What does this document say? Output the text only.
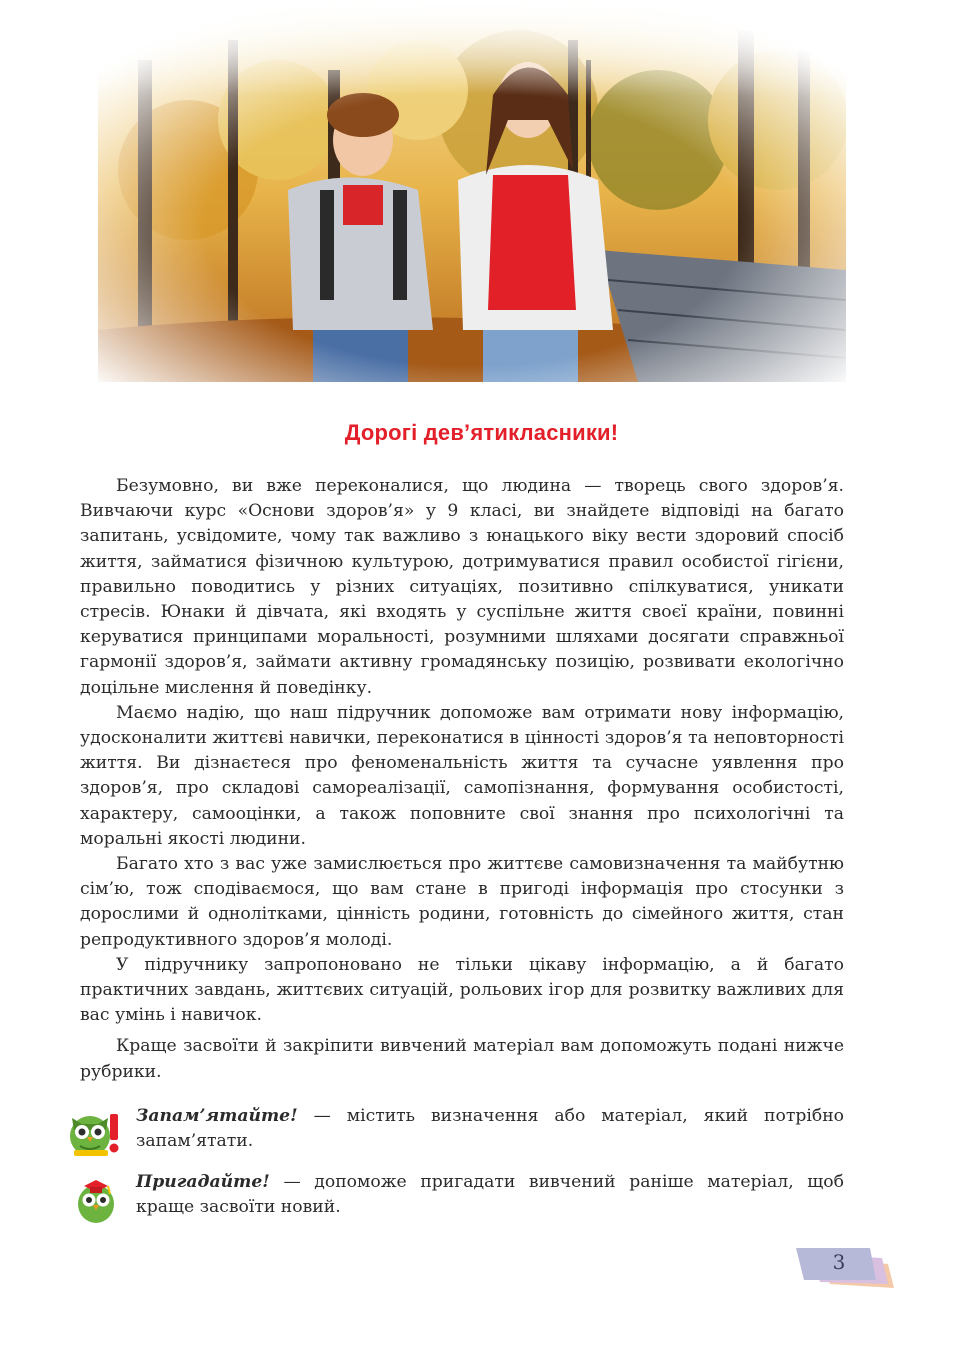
Дорогі дев’ятикласники!

Безумовно, ви вже переконалися, що людина — творець свого здоров’я. Вивчаючи курс «Основи здоров’я» у 9 класі, ви знайдете відповіді на багато запитань, усвідомите, чому так важливо з юнацького віку вести здоровий спосіб життя, займатися фізичною культурою, дотримуватися правил особистої гігієни, правильно поводитись у різних ситуаціях, позитивно спілкуватися, уникати стресів. Юнаки й дівчата, які входять у суспільне життя своєї країни, повинні керуватися принципами моральності, розумними шляхами досягати справжньої гармонії здоров’я, займати активну громадянську позицію, розвивати екологічно доцільне мислення й поведінку.

Маємо надію, що наш підручник допоможе вам отримати нову інформацію, удосконалити життєві навички, переконатися в цінності здоров’я та неповторності життя. Ви дізнаєтеся про феноменальність життя та сучасне уявлення про здоров’я, про складові самореалізації, самопізнання, формування особистості, характеру, самооцінки, а також поповните свої знання про психологічні та моральні якості людини.

Багато хто з вас уже замислюється про життєве самовизначення та майбутню сім’ю, тож сподіваємося, що вам стане в пригоді інформація про стосунки з дорослими й однолітками, цінність родини, готовність до сімейного життя, стан репродуктивного здоров’я молоді.

У підручнику запропоновано не тільки цікаву інформацію, а й багато практичних завдань, життєвих ситуацій, рольових ігор для розвитку важливих для вас умінь і навичок.

Краще засвоїти й закріпити вивчений матеріал вам допоможуть подані нижче рубрики.

Запам’ятайте! — містить визначення або матеріал, який потрібно запам’ятати.
Пригадайте! — допоможе пригадати вивчений раніше матеріал, щоб краще засвоїти новий.
3
